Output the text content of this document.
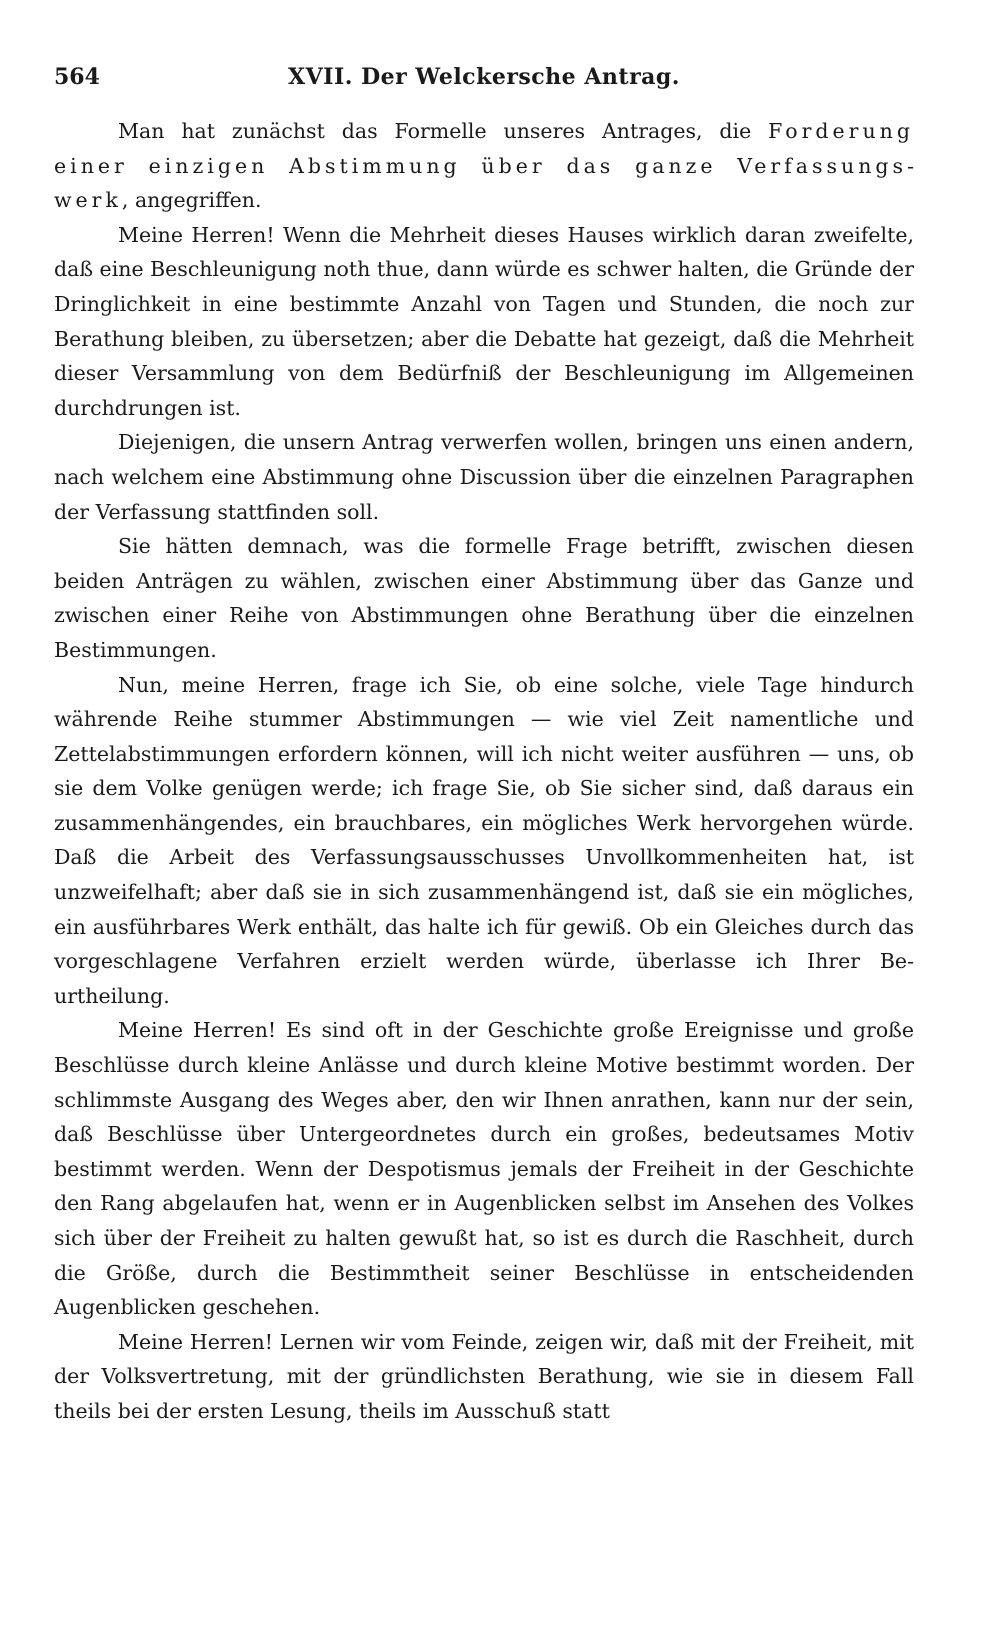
564	XVII. Der Welckersche Antrag.

Man hat zunächst das Formelle unseres Antrages, die Forderung einer einzigen Abstimmung über das ganze Verfassungswerk, angegriffen.

Meine Herren! Wenn die Mehrheit dieses Hauses wirklich daran zweifelte, daß eine Beschleunigung noth thue, dann würde es schwer halten, die Gründe der Dringlichkeit in eine bestimmte Anzahl von Tagen und Stunden, die noch zur Berathung bleiben, zu übersetzen; aber die Debatte hat gezeigt, daß die Mehrheit dieser Versammlung von dem Bedürfniß der Beschleunigung im Allgemeinen durchdrungen ist.

Diejenigen, die unsern Antrag verwerfen wollen, bringen uns einen andern, nach welchem eine Abstimmung ohne Discussion über die einzelnen Paragraphen der Verfassung stattfinden soll.

Sie hätten demnach, was die formelle Frage betrifft, zwischen diesen beiden Anträgen zu wählen, zwischen einer Abstimmung über das Ganze und zwischen einer Reihe von Abstimmungen ohne Berathung über die einzelnen Bestimmungen.

Nun, meine Herren, frage ich Sie, ob eine solche, viele Tage hindurch währende Reihe stummer Abstimmungen — wie viel Zeit namentliche und Zettelabstimmungen erfordern können, will ich nicht weiter ausführen — uns, ob sie dem Volke genügen werde; ich frage Sie, ob Sie sicher sind, daß daraus ein zusammenhängendes, ein brauchbares, ein mögliches Werk hervorgehen würde. Daß die Arbeit des Verfassungsausschusses Unvollkommenheiten hat, ist unzweifelhaft; aber daß sie in sich zusammenhängend ist, daß sie ein mögliches, ein ausführbares Werk enthält, das halte ich für gewiß. Ob ein Gleiches durch das vorgeschlagene Verfahren erzielt werden würde, überlasse ich Ihrer Beurtheilung.

Meine Herren! Es sind oft in der Geschichte große Ereignisse und große Beschlüsse durch kleine Anlässe und durch kleine Motive bestimmt worden. Der schlimmste Ausgang des Weges aber, den wir Ihnen anrathen, kann nur der sein, daß Beschlüsse über Untergeordnetes durch ein großes, bedeutsames Motiv bestimmt werden. Wenn der Despotismus jemals der Freiheit in der Geschichte den Rang abgelaufen hat, wenn er in Augenblicken selbst im Ansehen des Volkes sich über der Freiheit zu halten gewußt hat, so ist es durch die Raschheit, durch die Größe, durch die Bestimmtheit seiner Beschlüsse in entscheidenden Augenblicken geschehen.

Meine Herren! Lernen wir vom Feinde, zeigen wir, daß mit der Freiheit, mit der Volksvertretung, mit der gründlichsten Berathung, wie sie in diesem Fall theils bei der ersten Lesung, theils im Ausschuß statt
